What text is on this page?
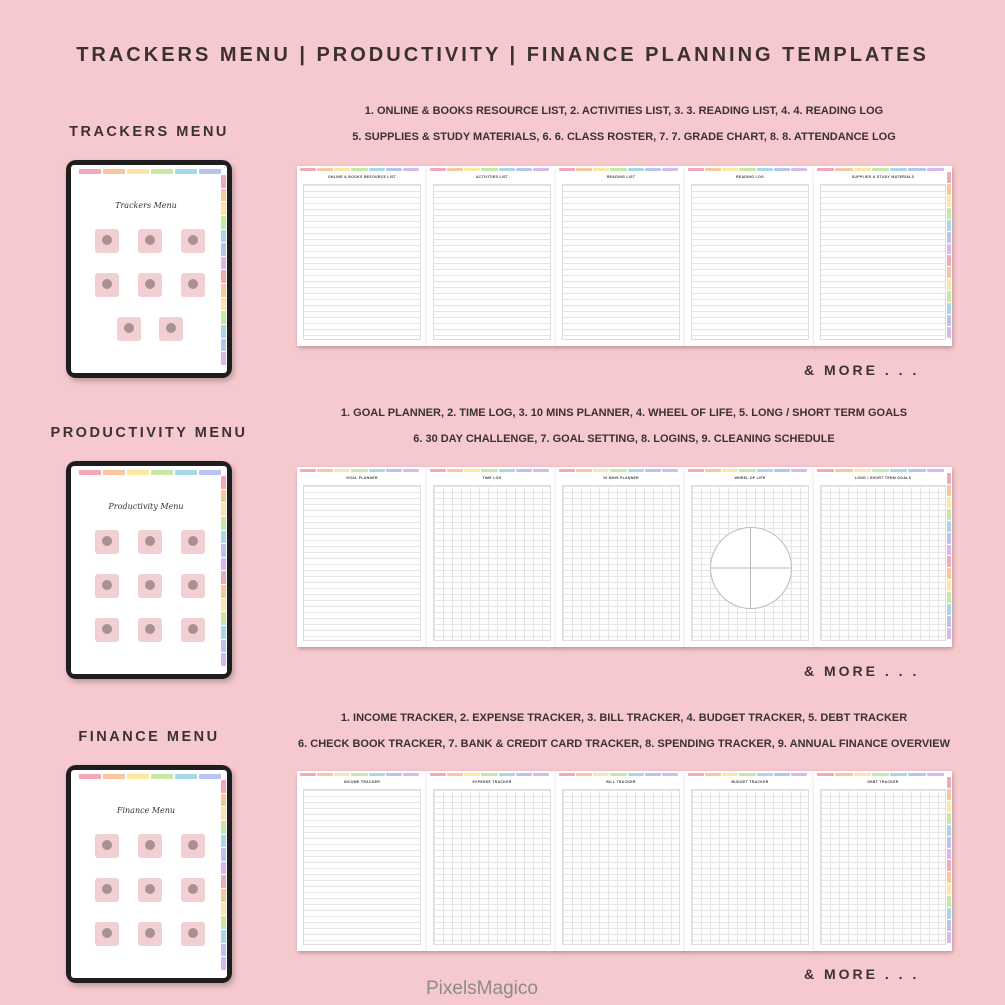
TRACKERS MENU | PRODUCTIVITY | FINANCE PLANNING TEMPLATES
TRACKERS MENU
Trackers Menu
1. ONLINE & BOOKS RESOURCE LIST, 2. ACTIVITIES LIST, 3. 3. READING LIST, 4. 4. READING LOG
5. SUPPLIES & STUDY MATERIALS, 6. 6. CLASS ROSTER, 7. 7. GRADE CHART, 8. 8. ATTENDANCE LOG
ONLINE & BOOKS RESOURCE LIST	ACTIVITIES LIST	READING LIST	READING LOG	SUPPLIES & STUDY MATERIALS
& MORE . . .
PRODUCTIVITY MENU
Productivity Menu
1. GOAL PLANNER, 2. TIME LOG, 3. 10 MINS PLANNER, 4. WHEEL OF LIFE, 5. LONG / SHORT TERM GOALS
6. 30 DAY CHALLENGE, 7. GOAL SETTING, 8. LOGINS, 9. CLEANING SCHEDULE
GOAL PLANNER	TIME LOG	10 MINS PLANNER	WHEEL OF LIFE	LONG / SHORT TERM GOALS
& MORE . . .
FINANCE MENU
Finance Menu
1. INCOME TRACKER, 2. EXPENSE TRACKER, 3. BILL TRACKER, 4. BUDGET TRACKER, 5. DEBT TRACKER
6. CHECK BOOK TRACKER, 7. BANK & CREDIT CARD TRACKER, 8. SPENDING TRACKER, 9. ANNUAL FINANCE OVERVIEW
INCOME TRACKER	EXPENSE TRACKER	BILL TRACKER	BUDGET TRACKER	DEBT TRACKER
& MORE . . .
PixelsMagico
